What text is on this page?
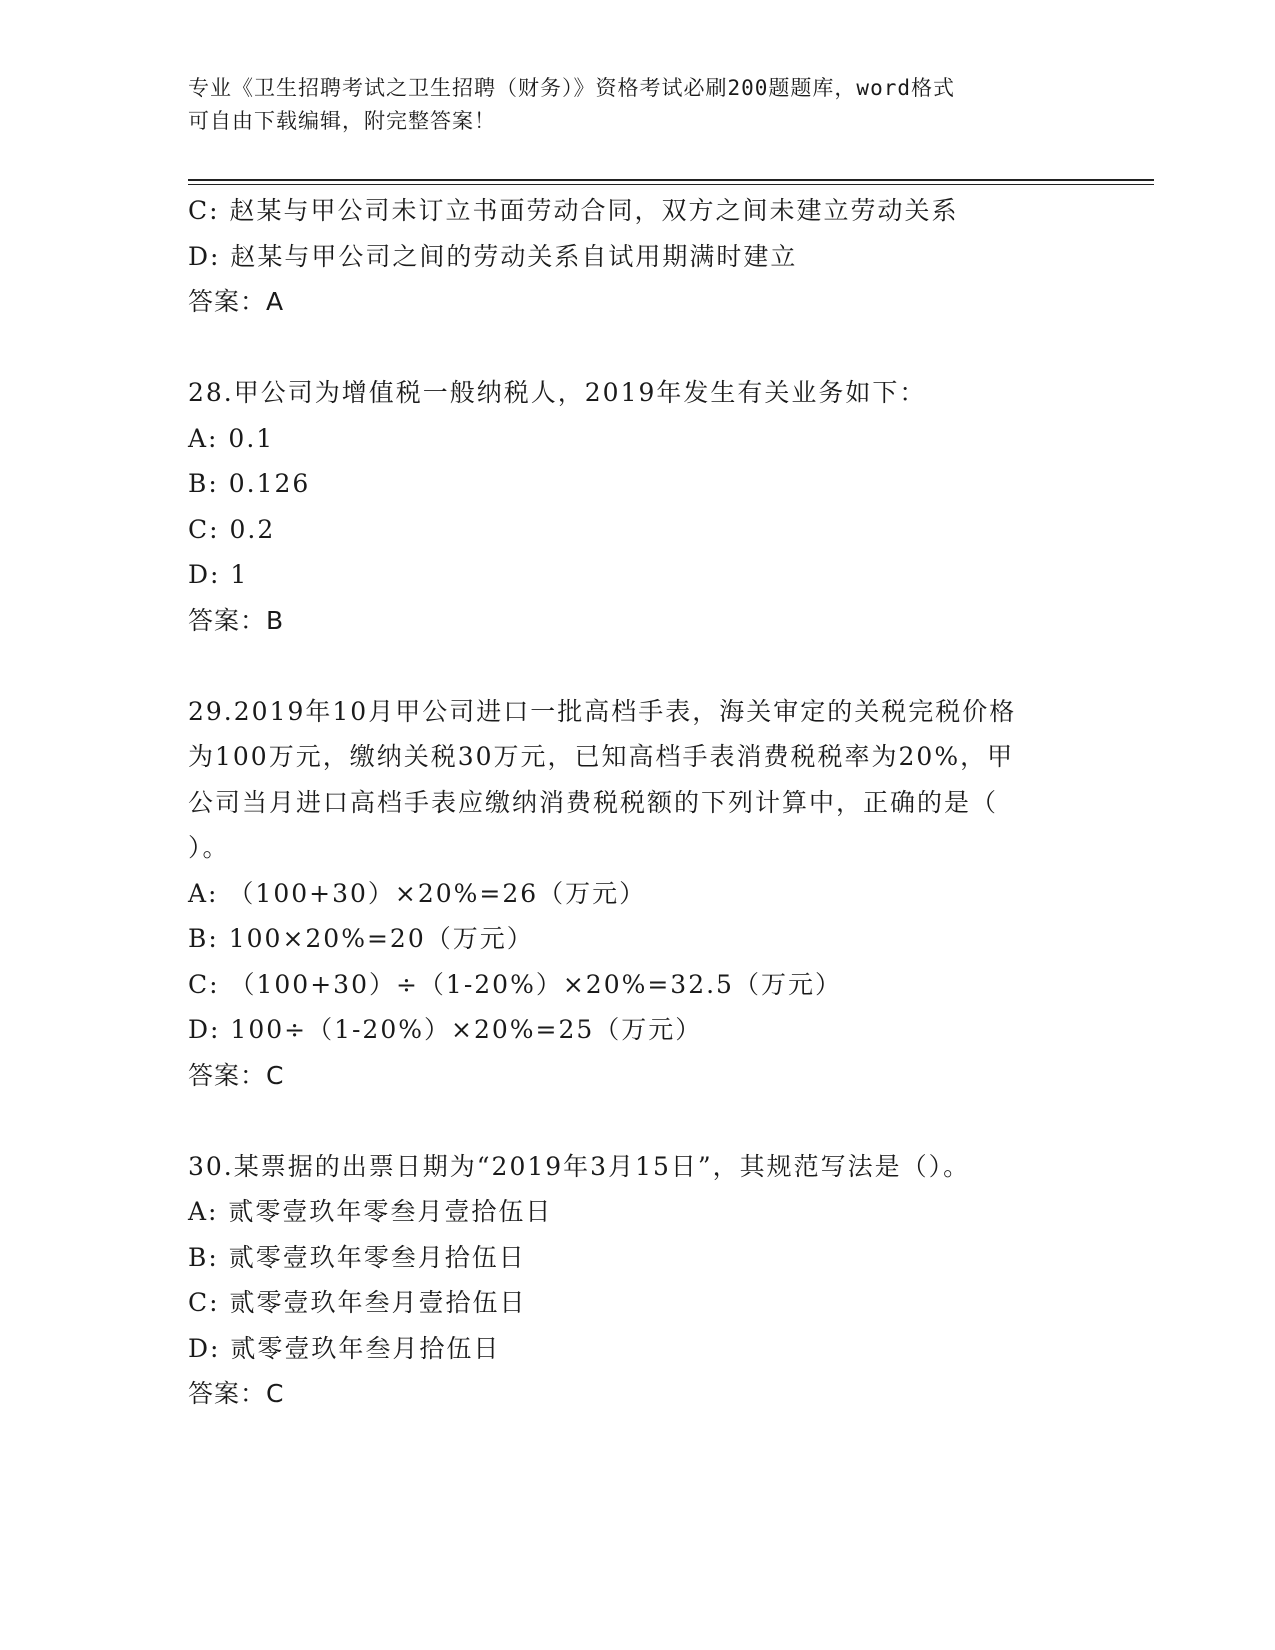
专业《卫生招聘考试之卫生招聘（财务）》资格考试必刷200题题库，word格式
可自由下载编辑，附完整答案！
C: 赵某与甲公司未订立书面劳动合同，双方之间未建立劳动关系
D: 赵某与甲公司之间的劳动关系自试用期满时建立
答案：A
28.甲公司为增值税一般纳税人，2019年发生有关业务如下：
A: 0.1
B: 0.126
C: 0.2
D: 1
答案：B
29.2019年10月甲公司进口一批高档手表，海关审定的关税完税价格
为100万元，缴纳关税30万元，已知高档手表消费税税率为20%，甲
公司当月进口高档手表应缴纳消费税税额的下列计算中，正确的是（
）。
A: （100+30）×20%=26（万元）
B: 100×20%=20（万元）
C: （100+30）÷（1-20%）×20%=32.5（万元）
D: 100÷（1-20%）×20%=25（万元）
答案：C
30.某票据的出票日期为“2019年3月15日”，其规范写法是（）。
A: 贰零壹玖年零叁月壹拾伍日
B: 贰零壹玖年零叁月拾伍日
C: 贰零壹玖年叁月壹拾伍日
D: 贰零壹玖年叁月拾伍日
答案：C
